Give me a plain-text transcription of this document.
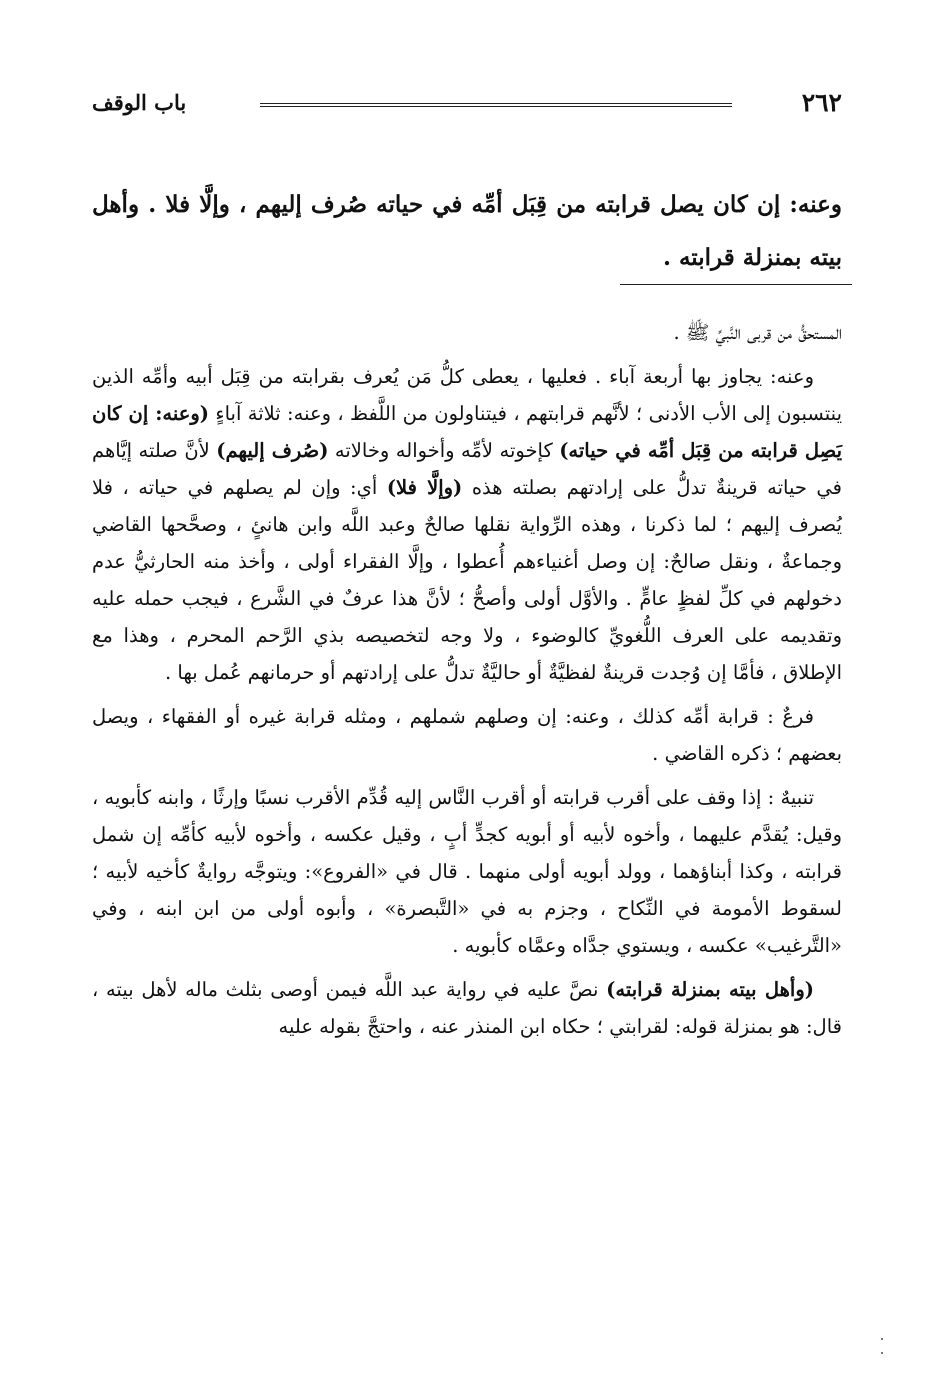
٢٦٢
باب الوقف
وعنه: إن كان يصل قرابته من قِبَل أمِّه في حياته صُرف إليهم ، وإلَّا فلا . وأهل بيته بمنزلة قرابته .

المستحقُّ من قربى النَّبيِّ ﷺ .

وعنه: يجاوز بها أربعة آباء . فعليها ، يعطى كلُّ مَن يُعرف بقرابته من قِبَل أبيه وأمِّه الذين ينتسبون إلى الأب الأدنى ؛ لأنَّهم قرابتهم ، فيتناولون من اللَّفظ ، وعنه: ثلاثة آباءٍ (وعنه: إن كان يَصِل قرابته من قِبَل أمِّه في حياته) كإخوته لأمِّه وأخواله وخالاته (صُرف إليهم) لأنَّ صلته إيَّاهم في حياته قرينةٌ تدلُّ على إرادتهم بصلته هذه (وإلَّا فلا) أي: وإن لم يصلهم في حياته ، فلا يُصرف إليهم ؛ لما ذكرنا ، وهذه الرِّواية نقلها صالحٌ وعبد اللَّه وابن هانئٍ ، وصحَّحها القاضي وجماعةٌ ، ونقل صالحٌ: إن وصل أغنياءهم أُعطوا ، وإلَّا الفقراء أولى ، وأخذ منه الحارثيُّ عدم دخولهم في كلِّ لفظٍ عامٍّ . والأوَّل أولى وأصحُّ ؛ لأنَّ هذا عرفٌ في الشَّرع ، فيجب حمله عليه وتقديمه على العرف اللُّغويِّ كالوضوء ، ولا وجه لتخصيصه بذي الرَّحم المحرم ، وهذا مع الإطلاق ، فأمَّا إن وُجدت قرينةٌ لفظيَّةٌ أو حاليَّةٌ تدلُّ على إرادتهم أو حرمانهم عُمل بها .

فرعٌ : قرابة أمِّه كذلك ، وعنه: إن وصلهم شملهم ، ومثله قرابة غيره أو الفقهاء ، ويصل بعضهم ؛ ذكره القاضي .

تنبيهٌ : إذا وقف على أقرب قرابته أو أقرب النَّاس إليه قُدِّم الأقرب نسبًا وإرثًا ، وابنه كأبويه ، وقيل: يُقدَّم عليهما ، وأخوه لأبيه أو أبويه كجدٍّ أبٍ ، وقيل عكسه ، وأخوه لأبيه كأمِّه إن شمل قرابته ، وكذا أبناؤهما ، وولد أبويه أولى منهما . قال في «الفروع»: ويتوجَّه روايةٌ كأخيه لأبيه ؛ لسقوط الأمومة في النِّكاح ، وجزم به في «التَّبصرة» ، وأبوه أولى من ابن ابنه ، وفي «التَّرغيب» عكسه ، ويستوي جدَّاه وعمَّاه كأبويه .

(وأهل بيته بمنزلة قرابته) نصَّ عليه في رواية عبد اللَّه فيمن أوصى بثلث ماله لأهل بيته ، قال: هو بمنزلة قوله: لقرابتي ؛ حكاه ابن المنذر عنه ، واحتجَّ بقوله عليه
